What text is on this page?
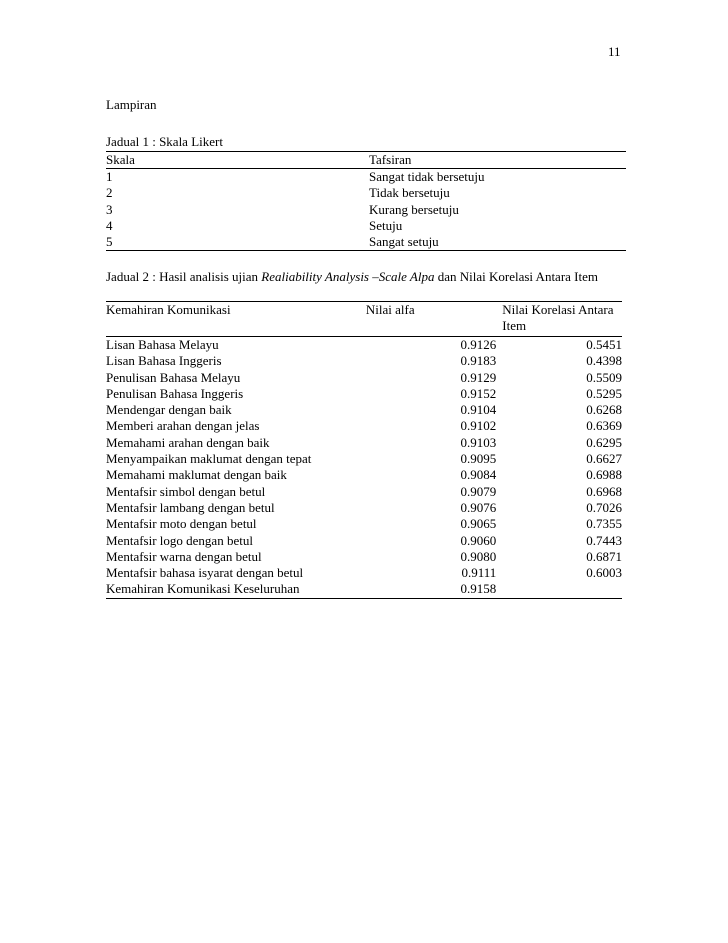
11
Lampiran
Jadual 1 : Skala Likert
Skala	Tafsiran
1	Sangat tidak bersetuju
2	Tidak bersetuju
3	Kurang bersetuju
4	Setuju
5	Sangat setuju
Jadual 2 : Hasil analisis ujian Realiability Analysis –Scale Alpa dan Nilai Korelasi Antara Item
Kemahiran Komunikasi	Nilai alfa	Nilai Korelasi Antara Item
Lisan Bahasa Melayu	0.9126	0.5451
Lisan Bahasa Inggeris	0.9183	0.4398
Penulisan Bahasa Melayu	0.9129	0.5509
Penulisan Bahasa Inggeris	0.9152	0.5295
Mendengar dengan baik	0.9104	0.6268
Memberi arahan dengan jelas	0.9102	0.6369
Memahami arahan dengan baik	0.9103	0.6295
Menyampaikan maklumat dengan tepat	0.9095	0.6627
Memahami maklumat dengan baik	0.9084	0.6988
Mentafsir simbol dengan betul	0.9079	0.6968
Mentafsir lambang dengan betul	0.9076	0.7026
Mentafsir moto dengan betul	0.9065	0.7355
Mentafsir logo dengan betul	0.9060	0.7443
Mentafsir warna dengan betul	0.9080	0.6871
Mentafsir bahasa isyarat dengan betul	0.9111	0.6003
Kemahiran Komunikasi Keseluruhan	0.9158	
